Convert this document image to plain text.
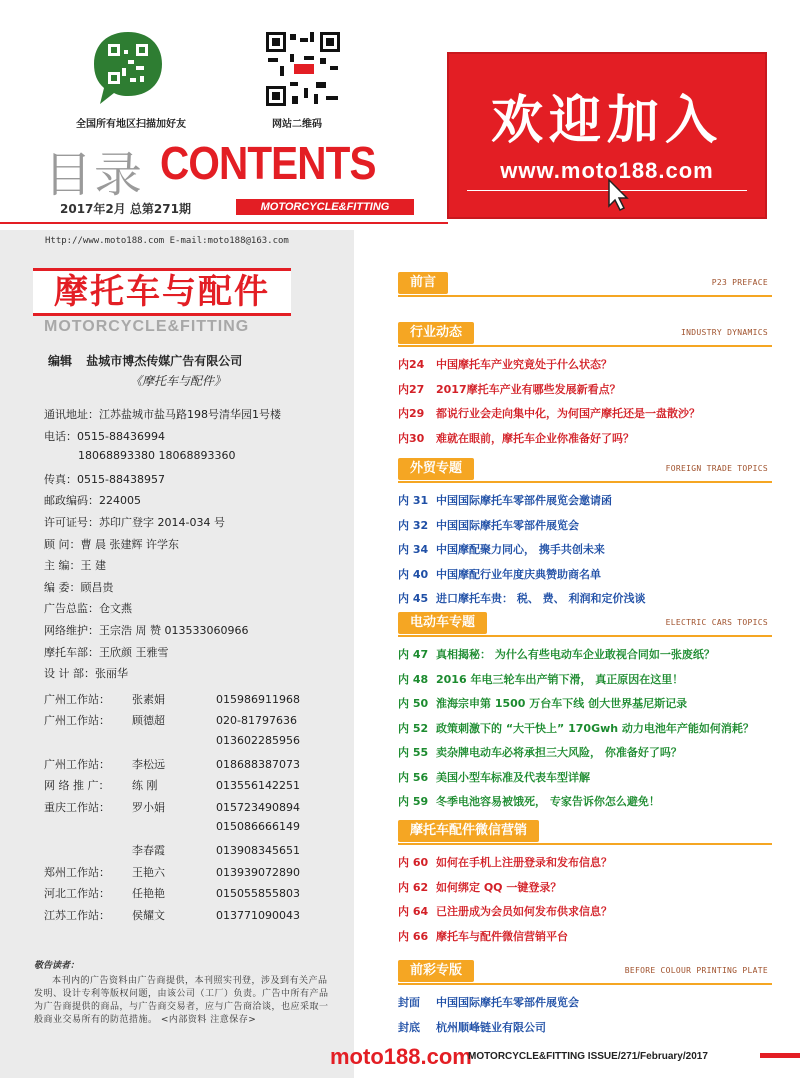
全国所有地区扫描加好友	网站二维码
目录 CONTENTS
2017年2月 总第271期	MOTORCYCLE&FITTING
欢迎加入
www.moto188.com
Http://www.moto188.com E-mail:moto188@163.com
摩托车与配件
MOTORCYCLE&FITTING
编辑 盐城市博杰传媒广告有限公司
《摩托车与配件》
通讯地址：江苏盐城市盐马路198号清华园1号楼
电话：0515-88436994
18068893380 18068893360
传真：0515-88438957
邮政编码：224005
许可证号：苏印广登字 2014-034 号
顾 问：曹 晨 张建辉 许学东
主 编：王 建
编 委：顾昌贵
广告总监：仓文燕
网络维护：王宗浩 周 赞 013533060966
摩托车部：王欣颜 王雅雪
设 计 部：张丽华
广州工作站： 张素娟	015986911968
广州工作站： 顾德超	020-81797636
013602285956
广州工作站： 李松远	018688387073
网 络 推 广： 练 刚	013556142251
重庆工作站： 罗小娟	015723490894
015086666149
李春霞	013908345651
郑州工作站： 王艳六	013939072890
河北工作站： 任艳艳	015055855803
江苏工作站： 侯耀文	013771090043
敬告读者：
本刊内的广告资料由广告商提供，本刊照实刊登，涉及到有关产品发明、设计专利等版权问题，由该公司（工厂）负责。广告中所有产品为广告商提供的商品，与广告商交易者，应与广告商洽谈，也应采取一般商业交易所有的防范措施。 <内部资料 注意保存>
前言	P23 PREFACE
行业动态	INDUSTRY DYNAMICS
内24 中国摩托车产业究竟处于什么状态？
内27 2017摩托车产业有哪些发展新看点？
内29 都说行业会走向集中化，为何国产摩托还是一盘散沙？
内30 难就在眼前，摩托车企业你准备好了吗？
外贸专题	FOREIGN TRADE TOPICS
内 31 中国国际摩托车零部件展览会邀请函
内 32 中国国际摩托车零部件展览会
内 34 中国摩配聚力同心， 携手共创未来
内 40 中国摩配行业年度庆典赞助商名单
内 45 进口摩托车贵： 税、 费、 利润和定价浅谈
电动车专题	ELECTRIC CARS TOPICS
内 47 真相揭秘： 为什么有些电动车企业敢视合同如一张废纸？
内 48 2016 年电三轮车出产销下滑， 真正原因在这里！
内 50 淮海宗申第 1500 万台车下线 创大世界基尼斯记录
内 52 政策刺激下的 “大干快上” 170Gwh 动力电池年产能如何消耗？
内 55 卖杂牌电动车必将承担三大风险， 你准备好了吗？
内 56 美国小型车标准及代表车型详解
内 59 冬季电池容易被饿死， 专家告诉你怎么避免！
摩托车配件微信营销
内 60 如何在手机上注册登录和发布信息？
内 62 如何绑定 QQ 一键登录？
内 64 已注册成为会员如何发布供求信息？
内 66 摩托车与配件微信营销平台
前彩专版	BEFORE COLOUR PRINTING PLATE
封面 中国国际摩托车零部件展览会
封底 杭州顺峰链业有限公司
moto188.com
MOTORCYCLE&FITTING ISSUE/271/February/2017
